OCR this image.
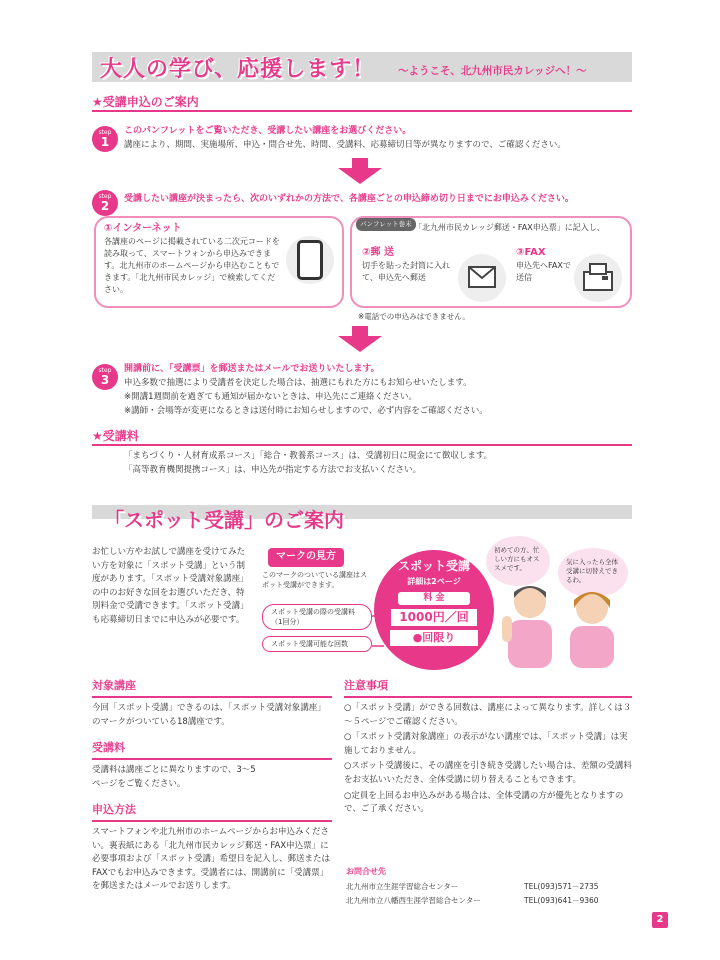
大人の学び、応援します！ ～ようこそ、北九州市民カレッジへ！～
★受講申込のご案内
step
1
このパンフレットをご覧いただき、受講したい講座をお選びください。
講座により、期間、実施場所、申込・問合せ先、時間、受講料、応募締切日等が異なりますので、ご確認ください。
step
2	受講したい講座が決まったら、次のいずれかの方法で、各講座ごとの申込締め切り日までにお申込みください。
①インターネット
各講座のページに掲載されている二次元コードを読み取って、スマートフォンから申込みできます。北九州市のホームページから申込むこともできます。「北九州市民カレッジ」で検索してください。
パンフレット巻末 「北九州市民カレッジ郵送・FAX申込票」に記入し、
②郵 送
切手を貼った封筒に入れて、申込先へ郵送
③FAX
申込先へFAXで送信
※電話での申込みはできません。
step
3
開講前に、「受講票」を郵送またはメールでお送りいたします。
申込多数で抽選により受講者を決定した場合は、抽選にもれた方にもお知らせいたします。
※開講1週間前を過ぎても通知が届かないときは、申込先にご連絡ください。
※講師・会場等が変更になるときは送付時にお知らせしますので、必ず内容をご確認ください。
★受講料
「まちづくり・人材育成系コース」「総合・教養系コース」は、受講初日に現金にて徴収します。
「高等教育機関提携コース」は、申込先が指定する方法でお支払いください。
「スポット受講」のご案内
お忙しい方やお試しで講座を受けてみたい方を対象に「スポット受講」という制度があります。「スポット受講対象講座」の中のお好きな回をお選びいただき、特別料金で受講できます。「スポット受講」も応募締切日までに申込みが必要です。
マークの見方
このマークのついている講座はスポット受講ができます。
スポット受講の際の受講料（1回分）
スポット受講可能な回数
スポット受講
詳細は2ページ
料 金
1000円／回
●回限り
初めての方、忙しい方にもオススメです。
気に入ったら全体受講に切替えできるわ。
対象講座
今回「スポット受講」できるのは、「スポット受講対象講座」のマークがついている18講座です。
受講料
受講料は講座ごとに異なりますので、3～5ページをご覧ください。
申込方法
スマートフォンや北九州市のホームページからお申込みください。裏表紙にある「北九州市民カレッジ郵送・FAX申込票」に必要事項および「スポット受講」希望日を記入し、郵送またはFAXでもお申込みできます。受講者には、開講前に「受講票」を郵送またはメールでお送りします。
注意事項
○「スポット受講」ができる回数は、講座によって異なります。詳しくは３～５ページでご確認ください。
○「スポット受講対象講座」の表示がない講座では、「スポット受講」は実施しておりません。
○スポット受講後に、その講座を引き続き受講したい場合は、差額の受講料をお支払いいただき、全体受講に切り替えることもできます。
○定員を上回るお申込みがある場合は、全体受講の方が優先となりますので、ご了承ください。
お問合せ先
北九州市立生涯学習総合センター	TEL(093)571－2735
北九州市立八幡西生涯学習総合センター	TEL(093)641－9360
2
